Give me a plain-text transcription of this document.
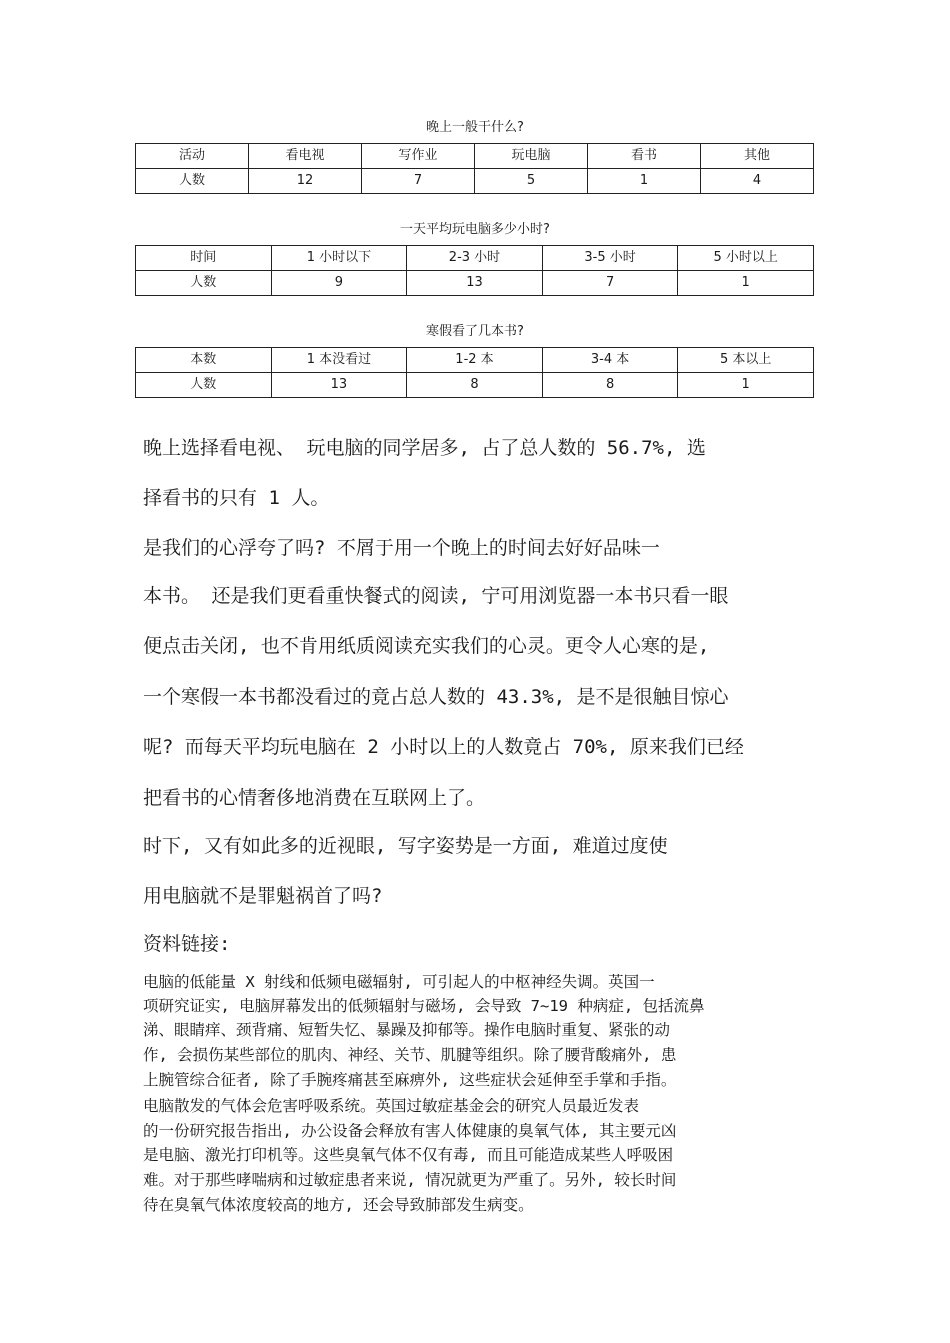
晚上一般干什么?
活动	看电视	写作业	玩电脑	看书	其他
人数	12	7	5	1	4
一天平均玩电脑多少小时?
时间	1 小时以下	2-3 小时	3-5 小时	5 小时以上
人数	9	13	7	1
寒假看了几本书?
本数	1 本没看过	1-2 本	3-4 本	5 本以上
人数	13	8	8	1
晚上选择看电视、 玩电脑的同学居多, 占了总人数的 56.7%, 选
择看书的只有 1 人。
是我们的心浮夸了吗? 不屑于用一个晚上的时间去好好品味一
本书。 还是我们更看重快餐式的阅读, 宁可用浏览器一本书只看一眼
便点击关闭, 也不肯用纸质阅读充实我们的心灵。更令人心寒的是,
一个寒假一本书都没看过的竟占总人数的 43.3%, 是不是很触目惊心
呢? 而每天平均玩电脑在 2 小时以上的人数竟占 70%, 原来我们已经
把看书的心情奢侈地消费在互联网上了。
时下, 又有如此多的近视眼, 写字姿势是一方面, 难道过度使
用电脑就不是罪魁祸首了吗?
资料链接:
电脑的低能量 X 射线和低频电磁辐射, 可引起人的中枢神经失调。英国一
项研究证实, 电脑屏幕发出的低频辐射与磁场, 会导致 7~19 种病症, 包括流鼻
涕、眼睛痒、颈背痛、短暂失忆、暴躁及抑郁等。操作电脑时重复、紧张的动
作, 会损伤某些部位的肌肉、神经、关节、肌腱等组织。除了腰背酸痛外, 患
上腕管综合征者, 除了手腕疼痛甚至麻痹外, 这些症状会延伸至手掌和手指。
电脑散发的气体会危害呼吸系统。英国过敏症基金会的研究人员最近发表
的一份研究报告指出, 办公设备会释放有害人体健康的臭氧气体, 其主要元凶
是电脑、激光打印机等。这些臭氧气体不仅有毒, 而且可能造成某些人呼吸困
难。对于那些哮喘病和过敏症患者来说, 情况就更为严重了。另外, 较长时间
待在臭氧气体浓度较高的地方, 还会导致肺部发生病变。
